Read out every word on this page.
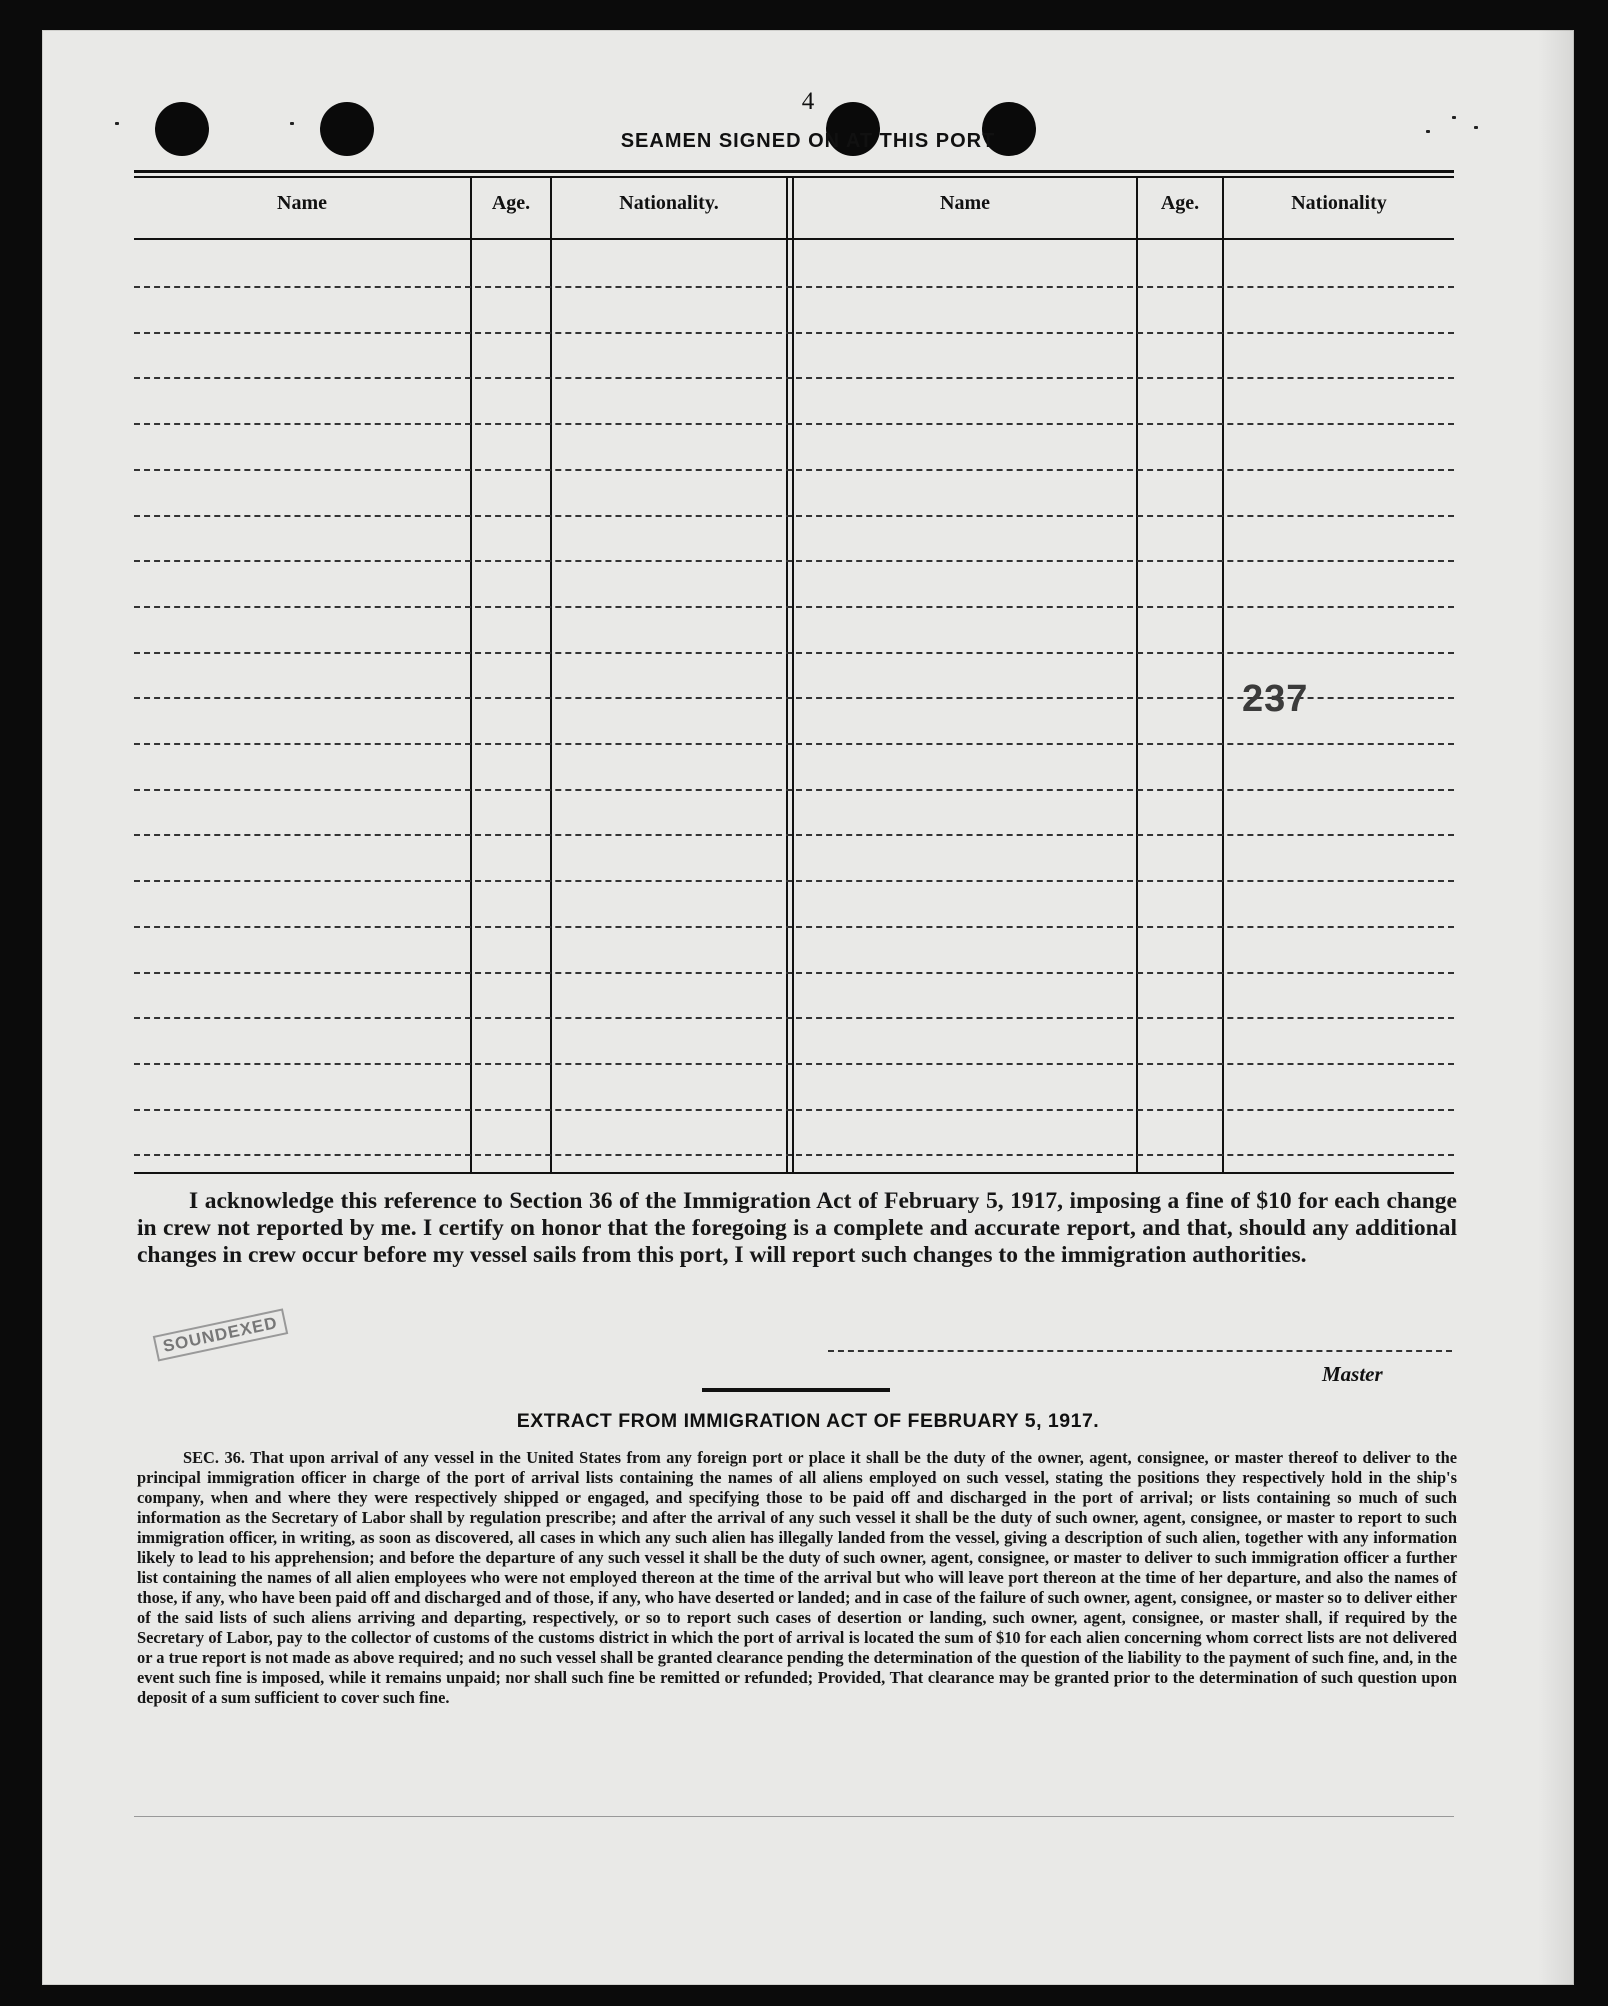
4
SEAMEN SIGNED ON AT THIS PORT
Name	Age.	Nationality.	Name	Age.	Nationality
237
I acknowledge this reference to Section 36 of the Immigration Act of February 5, 1917, imposing a fine of $10 for each change in crew not reported by me. I certify on honor that the foregoing is a complete and accurate report, and that, should any additional changes in crew occur before my vessel sails from this port, I will report such changes to the immigration authorities.
SOUNDEXED
Master
EXTRACT FROM IMMIGRATION ACT OF FEBRUARY 5, 1917.
SEC. 36. That upon arrival of any vessel in the United States from any foreign port or place it shall be the duty of the owner, agent, consignee, or master thereof to deliver to the principal immigration officer in charge of the port of arrival lists containing the names of all aliens employed on such vessel, stating the positions they respectively hold in the ship's company, when and where they were respectively shipped or engaged, and specifying those to be paid off and discharged in the port of arrival; or lists containing so much of such information as the Secretary of Labor shall by regulation prescribe; and after the arrival of any such vessel it shall be the duty of such owner, agent, consignee, or master to report to such immigration officer, in writing, as soon as discovered, all cases in which any such alien has illegally landed from the vessel, giving a description of such alien, together with any information likely to lead to his apprehension; and before the departure of any such vessel it shall be the duty of such owner, agent, consignee, or master to deliver to such immigration officer a further list containing the names of all alien employees who were not employed thereon at the time of the arrival but who will leave port thereon at the time of her departure, and also the names of those, if any, who have been paid off and discharged and of those, if any, who have deserted or landed; and in case of the failure of such owner, agent, consignee, or master so to deliver either of the said lists of such aliens arriving and departing, respectively, or so to report such cases of desertion or landing, such owner, agent, consignee, or master shall, if required by the Secretary of Labor, pay to the collector of customs of the customs district in which the port of arrival is located the sum of $10 for each alien concerning whom correct lists are not delivered or a true report is not made as above required; and no such vessel shall be granted clearance pending the determination of the question of the liability to the payment of such fine, and, in the event such fine is imposed, while it remains unpaid; nor shall such fine be remitted or refunded; Provided, That clearance may be granted prior to the determination of such question upon deposit of a sum sufficient to cover such fine.
